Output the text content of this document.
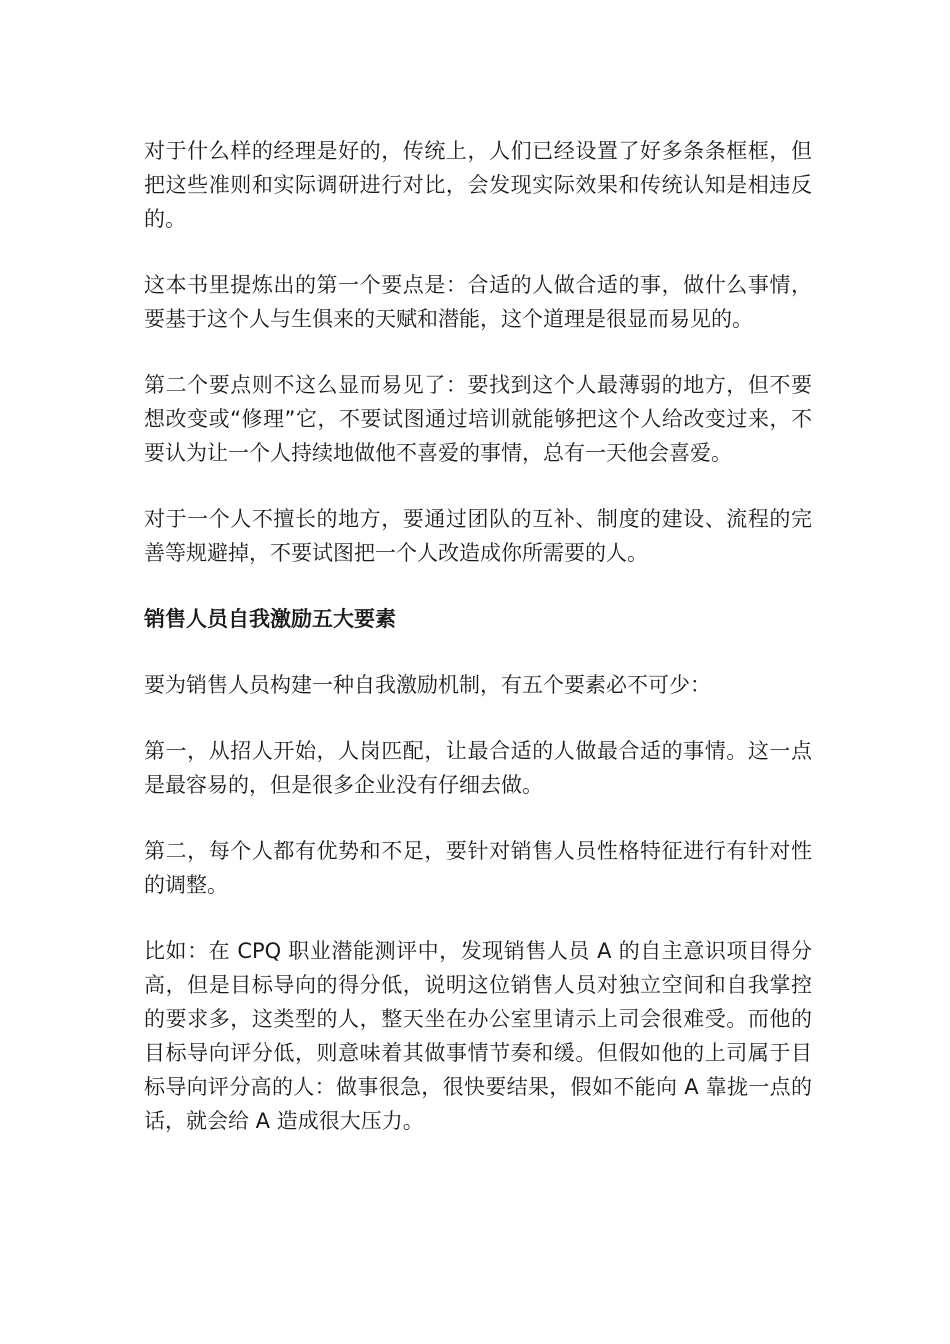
对于什么样的经理是好的，传统上，人们已经设置了好多条条框框，但把这些准则和实际调研进行对比，会发现实际效果和传统认知是相违反的。

这本书里提炼出的第一个要点是：合适的人做合适的事，做什么事情，要基于这个人与生俱来的天赋和潜能，这个道理是很显而易见的。

第二个要点则不这么显而易见了：要找到这个人最薄弱的地方，但不要想改变或“修理”它，不要试图通过培训就能够把这个人给改变过来，不要认为让一个人持续地做他不喜爱的事情，总有一天他会喜爱。

对于一个人不擅长的地方，要通过团队的互补、制度的建设、流程的完善等规避掉，不要试图把一个人改造成你所需要的人。

销售人员自我激励五大要素

要为销售人员构建一种自我激励机制，有五个要素必不可少：

第一，从招人开始，人岗匹配，让最合适的人做最合适的事情。这一点是最容易的，但是很多企业没有仔细去做。

第二，每个人都有优势和不足，要针对销售人员性格特征进行有针对性的调整。

比如：在 CPQ 职业潜能测评中，发现销售人员 A 的自主意识项目得分高，但是目标导向的得分低，说明这位销售人员对独立空间和自我掌控的要求多，这类型的人，整天坐在办公室里请示上司会很难受。而他的目标导向评分低，则意味着其做事情节奏和缓。但假如他的上司属于目标导向评分高的人：做事很急，很快要结果，假如不能向 A 靠拢一点的话，就会给 A 造成很大压力。
